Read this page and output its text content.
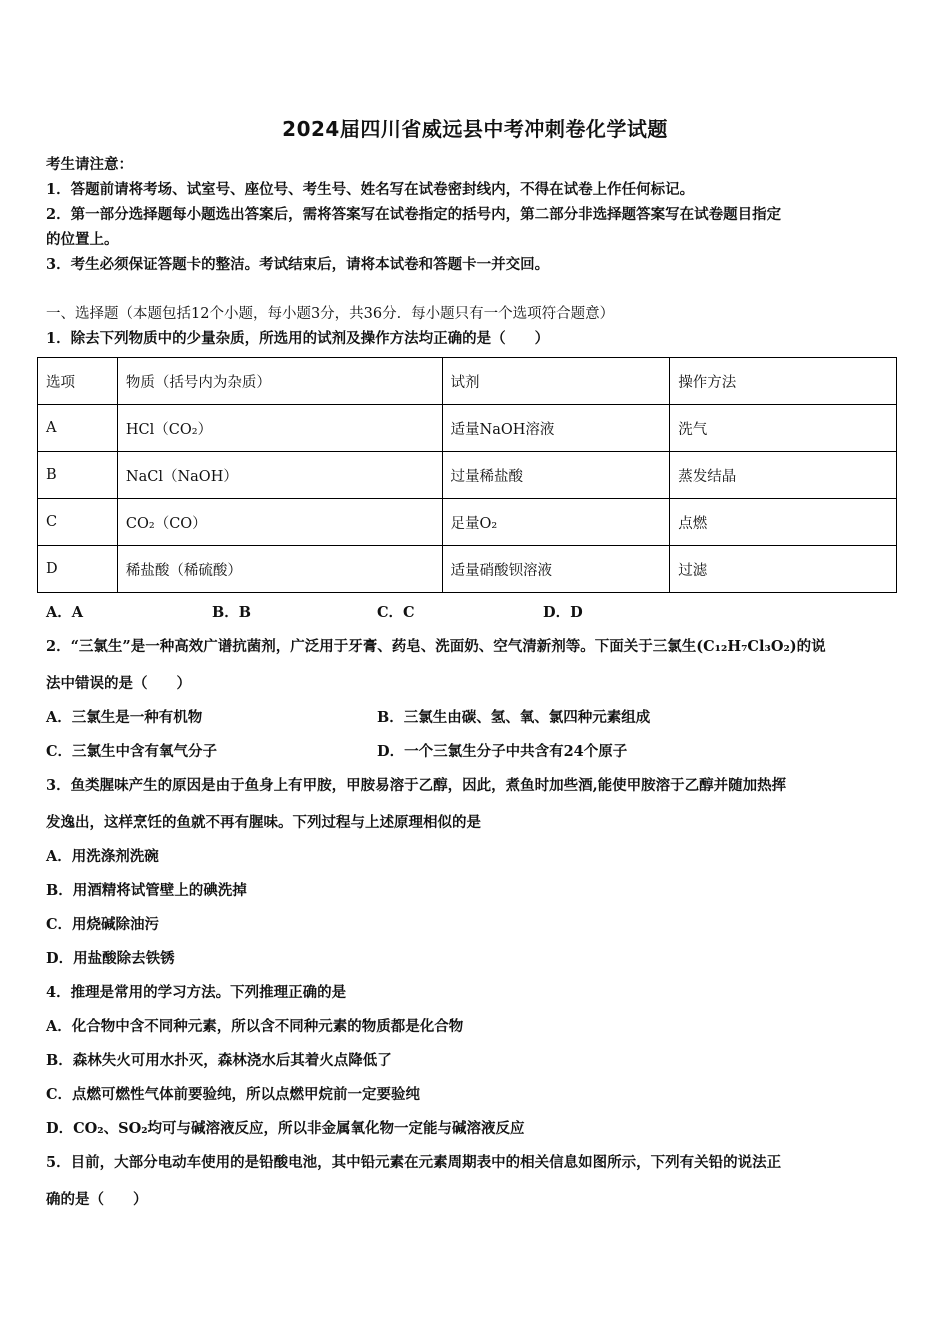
2024届四川省威远县中考冲刺卷化学试题
考生请注意：
1．答题前请将考场、试室号、座位号、考生号、姓名写在试卷密封线内，不得在试卷上作任何标记。
2．第一部分选择题每小题选出答案后，需将答案写在试卷指定的括号内，第二部分非选择题答案写在试卷题目指定
的位置上。
3．考生必须保证答题卡的整洁。考试结束后，请将本试卷和答题卡一并交回。
一、选择题（本题包括12个小题，每小题3分，共36分．每小题只有一个选项符合题意）
1．除去下列物质中的少量杂质，所选用的试剂及操作方法均正确的是（　　）
选项	物质（括号内为杂质）	试剂	操作方法
A	HCl（CO₂）	适量NaOH溶液	洗气
B	NaCl（NaOH）	过量稀盐酸	蒸发结晶
C	CO₂（CO）	足量O₂	点燃
D	稀盐酸（稀硫酸）	适量硝酸钡溶液	过滤
A．A	B．B	C．C	D．D
2．“三氯生”是一种高效广谱抗菌剂，广泛用于牙膏、药皂、洗面奶、空气清新剂等。下面关于三氯生(C₁₂H₇Cl₃O₂)的说
法中错误的是（　　）
A．三氯生是一种有机物	B．三氯生由碳、氢、氧、氯四种元素组成
C．三氯生中含有氧气分子	D．一个三氯生分子中共含有24个原子
3．鱼类腥味产生的原因是由于鱼身上有甲胺，甲胺易溶于乙醇，因此，煮鱼时加些酒,能使甲胺溶于乙醇并随加热挥
发逸出，这样烹饪的鱼就不再有腥味。下列过程与上述原理相似的是
A．用洗涤剂洗碗
B．用酒精将试管壁上的碘洗掉
C．用烧碱除油污
D．用盐酸除去铁锈
4．推理是常用的学习方法。下列推理正确的是
A．化合物中含不同种元素，所以含不同种元素的物质都是化合物
B．森林失火可用水扑灭，森林浇水后其着火点降低了
C．点燃可燃性气体前要验纯，所以点燃甲烷前一定要验纯
D．CO₂、SO₂均可与碱溶液反应，所以非金属氧化物一定能与碱溶液反应
5．目前，大部分电动车使用的是铅酸电池，其中铅元素在元素周期表中的相关信息如图所示，下列有关铅的说法正
确的是（　　）
